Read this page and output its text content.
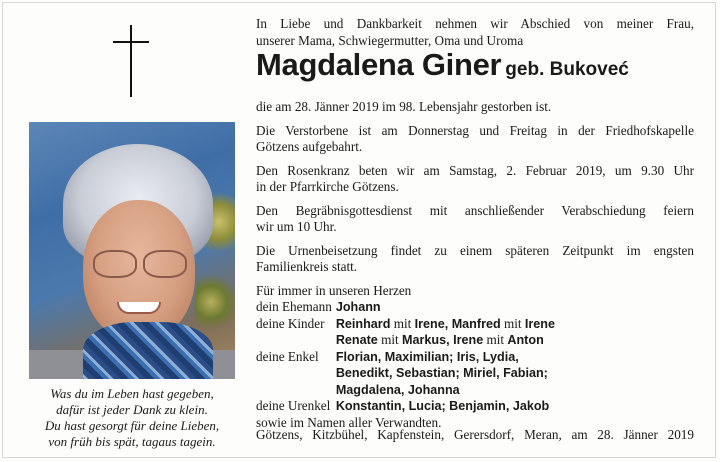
Was du im Leben hast gegeben,
dafür ist jeder Dank zu klein.
Du hast gesorgt für deine Lieben,
von früh bis spät, tagaus tagein.
In Liebe und Dankbarkeit nehmen wir Abschied von meiner Frau,
unserer Mama, Schwiegermutter, Oma und Uroma
Magdalena Giner geb. Bukoveć
die am 28. Jänner 2019 im 98. Lebensjahr gestorben ist.
Die Verstorbene ist am Donnerstag und Freitag in der Friedhofskapelle
Götzens aufgebahrt.
Den Rosenkranz beten wir am Samstag, 2. Februar 2019, um 9.30 Uhr
in der Pfarrkirche Götzens.
Den Begräbnisgottesdienst mit anschließender Verabschiedung feiern
wir um 10 Uhr.
Die Urnenbeisetzung findet zu einem späteren Zeitpunkt im engsten
Familienkreis statt.
Für immer in unseren Herzen
dein Ehemann	Johann
deine Kinder	Reinhard mit Irene, Manfred mit Irene
	Renate mit Markus, Irene mit Anton
deine Enkel	Florian, Maximilian; Iris, Lydia,
	Benedikt, Sebastian; Miriel, Fabian;
	Magdalena, Johanna
deine Urenkel	Konstantin, Lucia; Benjamin, Jakob
sowie im Namen aller Verwandten.
Götzens, Kitzbühel, Kapfenstein, Gerersdorf, Meran, am 28. Jänner 2019
